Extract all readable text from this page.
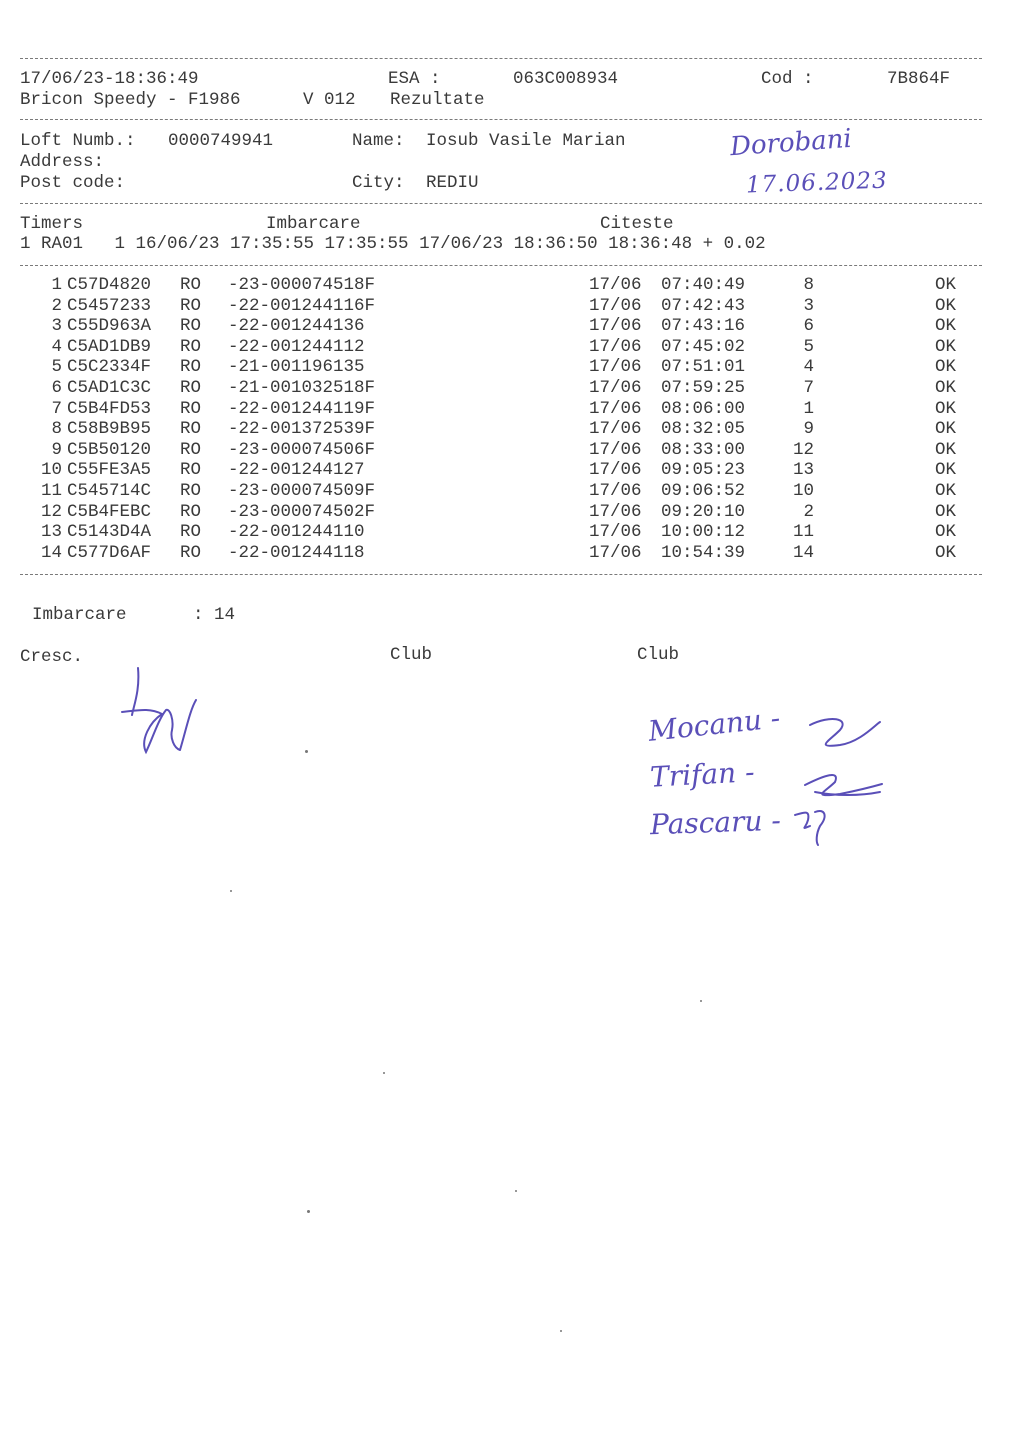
17/06/23-18:36:49	ESA :	063C008934	Cod :	7B864F
Bricon Speedy - F1986	V 012 Rezultate
Loft Numb.: 0000749941	Name: Iosub Vasile Marian
Address:
Post code:	City: REDIU
Dorobani
17.06.2023
Timers	Imbarcare	Citeste
1 RA01   1 16/06/23 17:35:55 17:35:55 17/06/23 18:36:50 18:36:48 + 0.02
1 C57D4820 RO -23-000074518F	17/06 07:40:49	8	OK
2 C5457233 RO -22-001244116F	17/06 07:42:43	3	OK
3 C55D963A RO -22-001244136	17/06 07:43:16	6	OK
4 C5AD1DB9 RO -22-001244112	17/06 07:45:02	5	OK
5 C5C2334F RO -21-001196135	17/06 07:51:01	4	OK
6 C5AD1C3C RO -21-001032518F	17/06 07:59:25	7	OK
7 C5B4FD53 RO -22-001244119F	17/06 08:06:00	1	OK
8 C58B9B95 RO -22-001372539F	17/06 08:32:05	9	OK
9 C5B50120 RO -23-000074506F	17/06 08:33:00	12	OK
10 C55FE3A5 RO -22-001244127	17/06 09:05:23	13	OK
11 C545714C RO -23-000074509F	17/06 09:06:52	10	OK
12 C5B4FEBC RO -23-000074502F	17/06 09:20:10	2	OK
13 C5143D4A RO -22-001244110	17/06 10:00:12	11	OK
14 C577D6AF RO -22-001244118	17/06 10:54:39	14	OK
Imbarcare	: 14
Cresc.	Club	Club
Mocanu -
Trifan -
Pascaru -
